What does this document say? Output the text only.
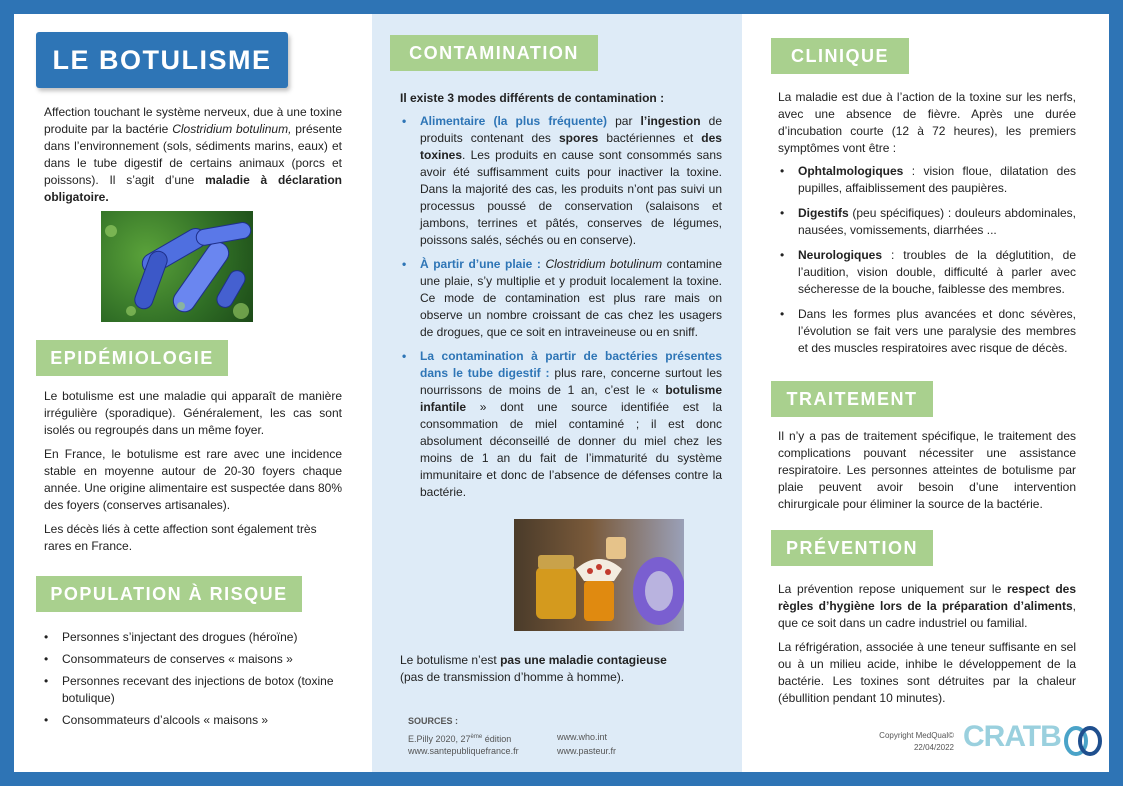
LE BOTULISME
Affection touchant le système nerveux, due à une toxine produite par la bactérie Clostridium botulinum, présente dans l’environnement (sols, sédiments marins, eaux) et dans le tube digestif de certains animaux (porcs et poissons). Il s’agit d’une maladie à déclaration obligatoire.
EPIDÉMIOLOGIE

Le botulisme est une maladie qui apparaît de manière irrégulière (sporadique). Généralement, les cas sont isolés ou regroupés dans un même foyer.

En France, le botulisme est rare avec une incidence stable en moyenne autour de 20-30 foyers chaque année. Une origine alimentaire est suspectée dans 80% des foyers (conserves artisanales).

Les décès liés à cette affection sont également très rares en France.

POPULATION À RISQUE
• Personnes s’injectant des drogues (héroïne)
• Consommateurs de conserves « maisons »
• Personnes recevant des injections de botox (toxine botulique)
• Consommateurs d’alcools « maisons »
CONTAMINATION
Il existe 3 modes différents de contamination :
• Alimentaire (la plus fréquente) par l’ingestion de produits contenant des spores bactériennes et des toxines. Les produits en cause sont consommés sans avoir été suffisamment cuits pour inactiver la toxine. Dans la majorité des cas, les produits n’ont pas suivi un processus poussé de conservation (salaisons et jambons, terrines et pâtés, conserves de légumes, poissons salés, séchés ou en conserve).
• À partir d’une plaie : Clostridium botulinum contamine une plaie, s’y multiplie et y produit localement la toxine. Ce mode de contamination est plus rare mais on observe un nombre croissant de cas chez les usagers de drogues, que ce soit en intraveineuse ou en sniff.
• La contamination à partir de bactéries présentes dans le tube digestif : plus rare, concerne surtout les nourrissons de moins de 1 an, c’est le « botulisme infantile » dont une source identifiée est la consommation de miel contaminé ; il est donc absolument déconseillé de donner du miel chez les moins de 1 an du fait de l’immaturité du système immunitaire et donc de l’absence de défenses contre la bactérie.
Le botulisme n’est pas une maladie contagieuse
(pas de transmission d’homme à homme).
SOURCES :
E.Pilly 2020, 27ème édition
www.santepubliquefrance.fr
www.who.int
www.pasteur.fr
CLINIQUE
La maladie est due à l’action de la toxine sur les nerfs, avec une absence de fièvre. Après une durée d’incubation courte (12 à 72 heures), les premiers symptômes vont être :
• Ophtalmologiques : vision floue, dilatation des pupilles, affaiblissement des paupières.
• Digestifs (peu spécifiques) : douleurs abdominales, nausées, vomissements, diarrhées ...
• Neurologiques : troubles de la déglutition, de l’audition, vision double, difficulté à parler avec sécheresse de la bouche, faiblesse des membres.
• Dans les formes plus avancées et donc sévères, l’évolution se fait vers une paralysie des membres et des muscles respiratoires avec risque de décès.
TRAITEMENT
Il n’y a pas de traitement spécifique, le traitement des complications pouvant nécessiter une assistance respiratoire. Les personnes atteintes de botulisme par plaie peuvent avoir besoin d’une intervention chirurgicale pour éliminer la source de la bactérie.
PRÉVENTION

La prévention repose uniquement sur le respect des règles d’hygiène lors de la préparation d’aliments, que ce soit dans un cadre industriel ou familial.

La réfrigération, associée à une teneur suffisante en sel ou à un milieu acide, inhibe le développement de la bactérie. Les toxines sont détruites par la chaleur (ébullition pendant 10 minutes).

Copyright MedQual©
22/04/2022 CRATB
